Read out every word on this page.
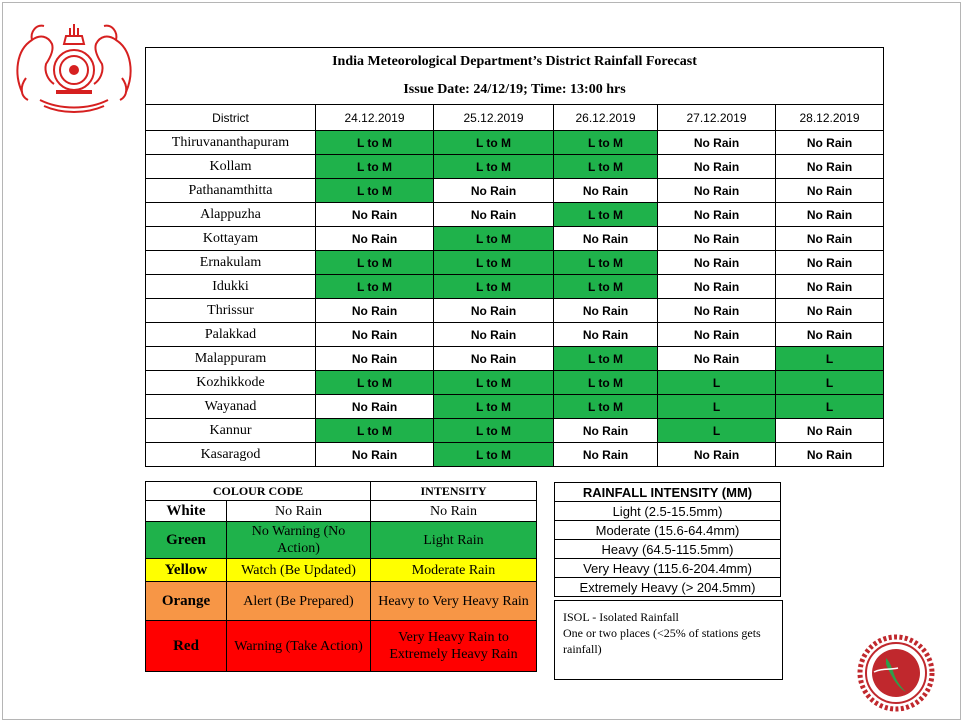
India Meteorological Department’s District Rainfall Forecast
Issue Date: 24/12/19; Time: 13:00 hrs					

District	24.12.2019	25.12.2019	26.12.2019	27.12.2019	28.12.2019
Thiruvananthapuram	L to M	L to M	L to M	No Rain	No Rain
Kollam	L to M	L to M	L to M	No Rain	No Rain
Pathanamthitta	L to M	No Rain	No Rain	No Rain	No Rain
Alappuzha	No Rain	No Rain	L to M	No Rain	No Rain
Kottayam	No Rain	L to M	No Rain	No Rain	No Rain
Ernakulam	L to M	L to M	L to M	No Rain	No Rain
Idukki	L to M	L to M	L to M	No Rain	No Rain
Thrissur	No Rain	No Rain	No Rain	No Rain	No Rain
Palakkad	No Rain	No Rain	No Rain	No Rain	No Rain
Malappuram	No Rain	No Rain	L to M	No Rain	L
Kozhikkode	L to M	L to M	L to M	L	L
Wayanad	No Rain	L to M	L to M	L	L
Kannur	L to M	L to M	No Rain	L	No Rain
Kasaragod	No Rain	L to M	No Rain	No Rain	No Rain
COLOUR CODE		INTENSITY
White	No Rain	No Rain
Green	No Warning (No Action)	Light Rain
Yellow	Watch (Be Updated)	Moderate Rain
Orange	Alert (Be Prepared)	Heavy to Very Heavy Rain
Red	Warning (Take Action)	Very Heavy Rain to Extremely Heavy Rain
RAINFALL INTENSITY (MM)
Light (2.5-15.5mm)
Moderate (15.6-64.4mm)
Heavy (64.5-115.5mm)
Very Heavy (115.6-204.4mm)
Extremely Heavy (> 204.5mm)
ISOL - Isolated Rainfall
One or two places (<25% of stations gets rainfall)
